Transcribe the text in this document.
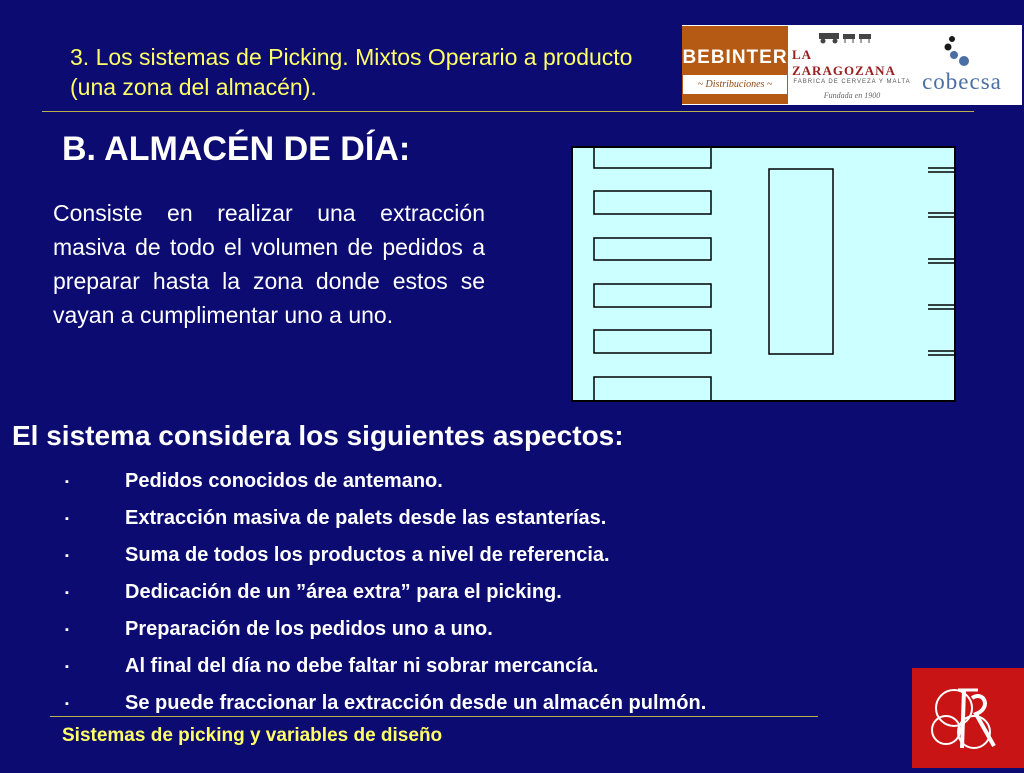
3. Los sistemas de Picking. Mixtos Operario a producto (una zona del almacén).
BEBINTER
~ Distribuciones ~
LA ZARAGOZANA
FABRICA DE CERVEZA Y MALTA
Fundada en 1900
cobecsa
B. ALMACÉN DE DÍA:
Consiste en realizar una extracción masiva de todo el volumen de pedidos a preparar hasta la zona donde estos se vayan a cumplimentar uno a uno.
El sistema considera los siguientes aspectos:
▪	Pedidos conocidos de antemano.
▪	Extracción masiva de palets desde las estanterías.
▪	Suma de todos los productos a nivel de referencia.
▪	Dedicación de un ”área extra” para el picking.
▪	Preparación de los pedidos uno a uno.
▪	Al final del día no debe faltar ni sobrar mercancía.
▪	Se puede fraccionar la extracción desde un almacén pulmón.
Sistemas de picking y variables de diseño
